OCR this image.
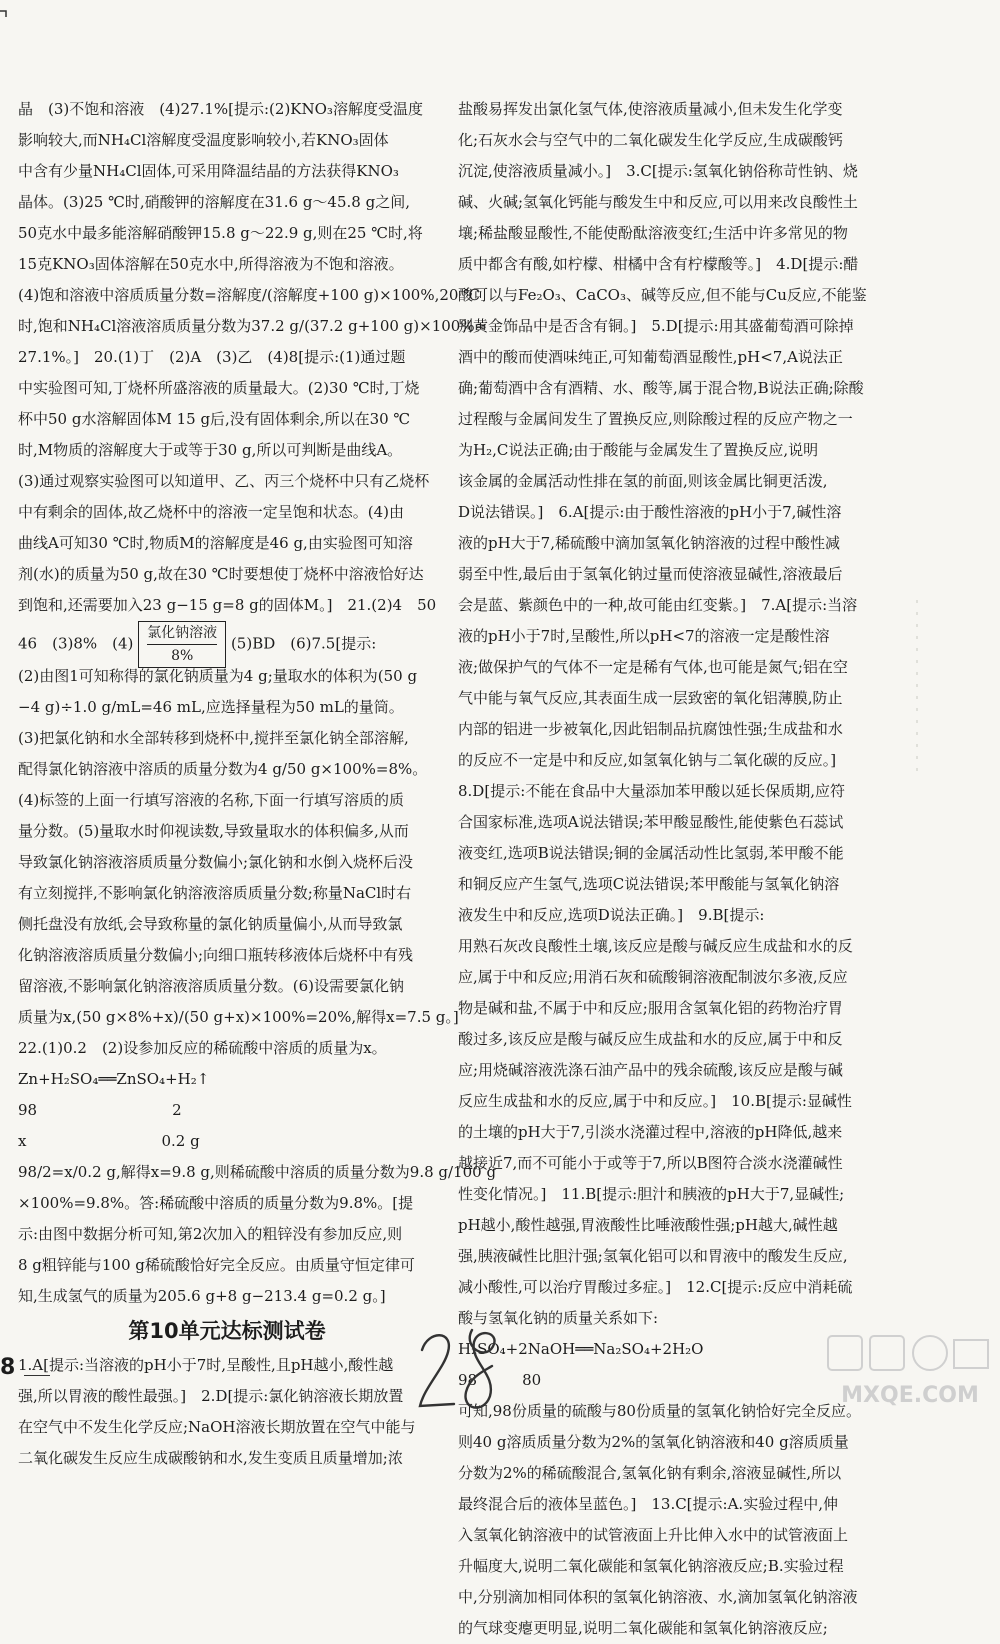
晶　(3)不饱和溶液　(4)27.1%[提示:(2)KNO₃溶解度受温度
影响较大,而NH₄Cl溶解度受温度影响较小,若KNO₃固体
中含有少量NH₄Cl固体,可采用降温结晶的方法获得KNO₃
晶体。(3)25 ℃时,硝酸钾的溶解度在31.6 g～45.8 g之间,
50克水中最多能溶解硝酸钾15.8 g～22.9 g,则在25 ℃时,将
15克KNO₃固体溶解在50克水中,所得溶液为不饱和溶液。
(4)饱和溶液中溶质质量分数=溶解度/(溶解度+100 g)×100%,20 ℃
时,饱和NH₄Cl溶液溶质质量分数为37.2 g/(37.2 g+100 g)×100%≈
27.1%。]　20.(1)丁　(2)A　(3)乙　(4)8[提示:(1)通过题
中实验图可知,丁烧杯所盛溶液的质量最大。(2)30 ℃时,丁烧
杯中50 g水溶解固体M 15 g后,没有固体剩余,所以在30 ℃
时,M物质的溶解度大于或等于30 g,所以可判断是曲线A。
(3)通过观察实验图可以知道甲、乙、丙三个烧杯中只有乙烧杯
中有剩余的固体,故乙烧杯中的溶液一定呈饱和状态。(4)由
曲线A可知30 ℃时,物质M的溶解度是46 g,由实验图可知溶
剂(水)的质量为50 g,故在30 ℃时要想使丁烧杯中溶液恰好达
到饱和,还需要加入23 g−15 g=8 g的固体M。]　21.(2)4　50
46　(3)8%　(4)
氯化钠溶液
8%
(5)BD　(6)7.5[提示:
(2)由图1可知称得的氯化钠质量为4 g;量取水的体积为(50 g
−4 g)÷1.0 g/mL=46 mL,应选择量程为50 mL的量筒。
(3)把氯化钠和水全部转移到烧杯中,搅拌至氯化钠全部溶解,
配得氯化钠溶液中溶质的质量分数为4 g/50 g×100%=8%。
(4)标签的上面一行填写溶液的名称,下面一行填写溶质的质
量分数。(5)量取水时仰视读数,导致量取水的体积偏多,从而
导致氯化钠溶液溶质质量分数偏小;氯化钠和水倒入烧杯后没
有立刻搅拌,不影响氯化钠溶液溶质质量分数;称量NaCl时右
侧托盘没有放纸,会导致称量的氯化钠质量偏小,从而导致氯
化钠溶液溶质质量分数偏小;向细口瓶转移液体后烧杯中有残
留溶液,不影响氯化钠溶液溶质质量分数。(6)设需要氯化钠
质量为x,(50 g×8%+x)/(50 g+x)×100%=20%,解得x=7.5 g。]
22.(1)0.2　(2)设参加反应的稀硫酸中溶质的质量为x。
Zn+H₂SO₄══ZnSO₄+H₂↑
98　　　　　　　　　2
x　　　　　　　　　0.2 g
98/2=x/0.2 g,解得x=9.8 g,则稀硫酸中溶质的质量分数为9.8 g/100 g
×100%=9.8%。答:稀硫酸中溶质的质量分数为9.8%。[提
示:由图中数据分析可知,第2次加入的粗锌没有参加反应,则
8 g粗锌能与100 g稀硫酸恰好完全反应。由质量守恒定律可
知,生成氢气的质量为205.6 g+8 g−213.4 g=0.2 g。]
第10单元达标测试卷
1.A[提示:当溶液的pH小于7时,呈酸性,且pH越小,酸性越
强,所以胃液的酸性最强。]　2.D[提示:氯化钠溶液长期放置
在空气中不发生化学反应;NaOH溶液长期放置在空气中能与
二氧化碳发生反应生成碳酸钠和水,发生变质且质量增加;浓
盐酸易挥发出氯化氢气体,使溶液质量减小,但未发生化学变
化;石灰水会与空气中的二氧化碳发生化学反应,生成碳酸钙
沉淀,使溶液质量减小。]　3.C[提示:氢氧化钠俗称苛性钠、烧
碱、火碱;氢氧化钙能与酸发生中和反应,可以用来改良酸性土
壤;稀盐酸显酸性,不能使酚酞溶液变红;生活中许多常见的物
质中都含有酸,如柠檬、柑橘中含有柠檬酸等。]　4.D[提示:醋
酸可以与Fe₂O₃、CaCO₃、碱等反应,但不能与Cu反应,不能鉴
别黄金饰品中是否含有铜。]　5.D[提示:用其盛葡萄酒可除掉
酒中的酸而使酒味纯正,可知葡萄酒显酸性,pH<7,A说法正
确;葡萄酒中含有酒精、水、酸等,属于混合物,B说法正确;除酸
过程酸与金属间发生了置换反应,则除酸过程的反应产物之一
为H₂,C说法正确;由于酸能与金属发生了置换反应,说明
该金属的金属活动性排在氢的前面,则该金属比铜更活泼,
D说法错误。]　6.A[提示:由于酸性溶液的pH小于7,碱性溶
液的pH大于7,稀硫酸中滴加氢氧化钠溶液的过程中酸性减
弱至中性,最后由于氢氧化钠过量而使溶液显碱性,溶液最后
会是蓝、紫颜色中的一种,故可能由红变紫。]　7.A[提示:当溶
液的pH小于7时,呈酸性,所以pH<7的溶液一定是酸性溶
液;做保护气的气体不一定是稀有气体,也可能是氮气;铝在空
气中能与氧气反应,其表面生成一层致密的氧化铝薄膜,防止
内部的铝进一步被氧化,因此铝制品抗腐蚀性强;生成盐和水
的反应不一定是中和反应,如氢氧化钠与二氧化碳的反应。]
8.D[提示:不能在食品中大量添加苯甲酸以延长保质期,应符
合国家标准,选项A说法错误;苯甲酸显酸性,能使紫色石蕊试
液变红,选项B说法错误;铜的金属活动性比氢弱,苯甲酸不能
和铜反应产生氢气,选项C说法错误;苯甲酸能与氢氧化钠溶
液发生中和反应,选项D说法正确。]　9.B[提示:
用熟石灰改良酸性土壤,该反应是酸与碱反应生成盐和水的反
应,属于中和反应;用消石灰和硫酸铜溶液配制波尔多液,反应
物是碱和盐,不属于中和反应;服用含氢氧化铝的药物治疗胃
酸过多,该反应是酸与碱反应生成盐和水的反应,属于中和反
应;用烧碱溶液洗涤石油产品中的残余硫酸,该反应是酸与碱
反应生成盐和水的反应,属于中和反应。]　10.B[提示:显碱性
的土壤的pH大于7,引淡水浇灌过程中,溶液的pH降低,越来
越接近7,而不可能小于或等于7,所以B图符合淡水浇灌碱性
性变化情况。]　11.B[提示:胆汁和胰液的pH大于7,显碱性;
pH越小,酸性越强,胃液酸性比唾液酸性强;pH越大,碱性越
强,胰液碱性比胆汁强;氢氧化铝可以和胃液中的酸发生反应,
减小酸性,可以治疗胃酸过多症。]　12.C[提示:反应中消耗硫
酸与氢氧化钠的质量关系如下:
H₂SO₄+2NaOH══Na₂SO₄+2H₂O
98　　　80
可知,98份质量的硫酸与80份质量的氢氧化钠恰好完全反应。
则40 g溶质质量分数为2%的氢氧化钠溶液和40 g溶质质量
分数为2%的稀硫酸混合,氢氧化钠有剩余,溶液显碱性,所以
最终混合后的液体呈蓝色。]　13.C[提示:A.实验过程中,伸
入氢氧化钠溶液中的试管液面上升比伸入水中的试管液面上
升幅度大,说明二氧化碳能和氢氧化钠溶液反应;B.实验过程
中,分别滴加相同体积的氢氧化钠溶液、水,滴加氢氧化钠溶液
的气球变瘪更明显,说明二氧化碳能和氢氧化钠溶液反应;
8
MXQE.COM
